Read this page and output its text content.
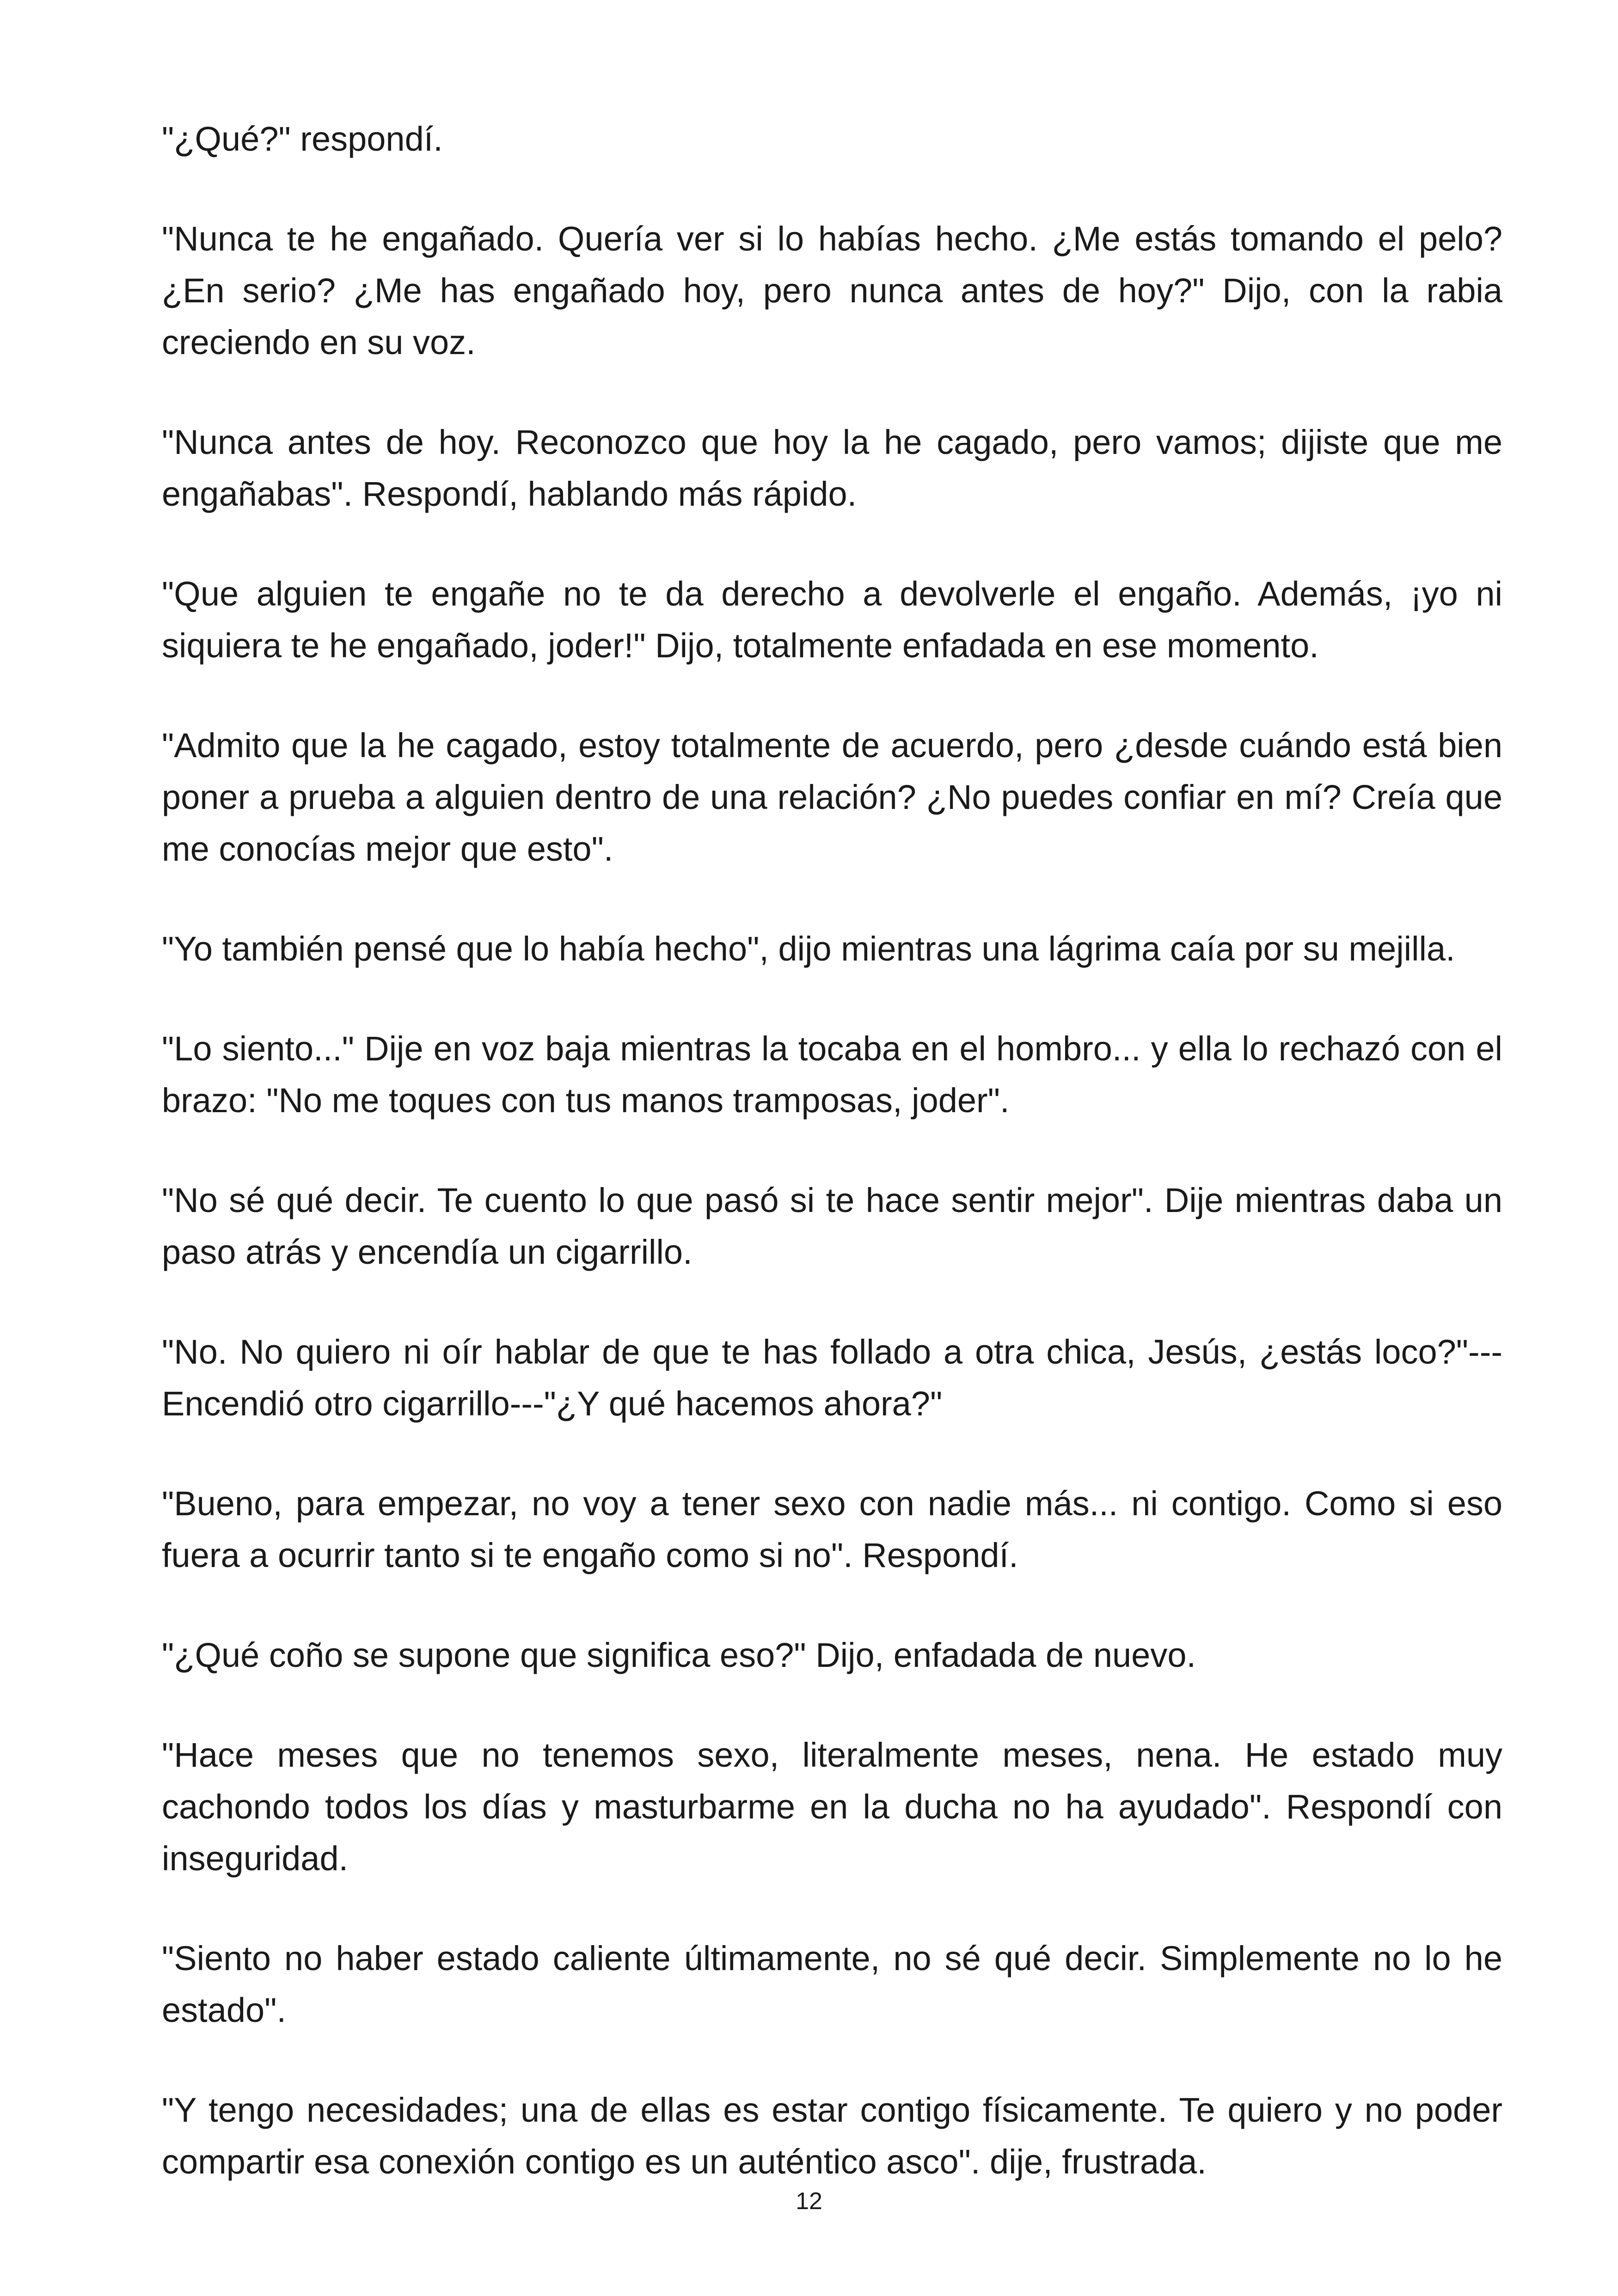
"¿Qué?" respondí.

"Nunca te he engañado. Quería ver si lo habías hecho. ¿Me estás tomando el pelo? ¿En serio? ¿Me has engañado hoy, pero nunca antes de hoy?" Dijo, con la rabia creciendo en su voz.

"Nunca antes de hoy. Reconozco que hoy la he cagado, pero vamos; dijiste que me engañabas". Respondí, hablando más rápido.

"Que alguien te engañe no te da derecho a devolverle el engaño. Además, ¡yo ni siquiera te he engañado, joder!" Dijo, totalmente enfadada en ese momento.

"Admito que la he cagado, estoy totalmente de acuerdo, pero ¿desde cuándo está bien poner a prueba a alguien dentro de una relación? ¿No puedes confiar en mí? Creía que me conocías mejor que esto".

"Yo también pensé que lo había hecho", dijo mientras una lágrima caía por su mejilla.

"Lo siento..." Dije en voz baja mientras la tocaba en el hombro... y ella lo rechazó con el brazo: "No me toques con tus manos tramposas, joder".

"No sé qué decir. Te cuento lo que pasó si te hace sentir mejor". Dije mientras daba un paso atrás y encendía un cigarrillo.

"No. No quiero ni oír hablar de que te has follado a otra chica, Jesús, ¿estás loco?"---Encendió otro cigarrillo---"¿Y qué hacemos ahora?"

"Bueno, para empezar, no voy a tener sexo con nadie más... ni contigo. Como si eso fuera a ocurrir tanto si te engaño como si no". Respondí.

"¿Qué coño se supone que significa eso?" Dijo, enfadada de nuevo.

"Hace meses que no tenemos sexo, literalmente meses, nena. He estado muy cachondo todos los días y masturbarme en la ducha no ha ayudado". Respondí con inseguridad.

"Siento no haber estado caliente últimamente, no sé qué decir. Simplemente no lo he estado".

"Y tengo necesidades; una de ellas es estar contigo físicamente. Te quiero y no poder compartir esa conexión contigo es un auténtico asco". dije, frustrada.

12
